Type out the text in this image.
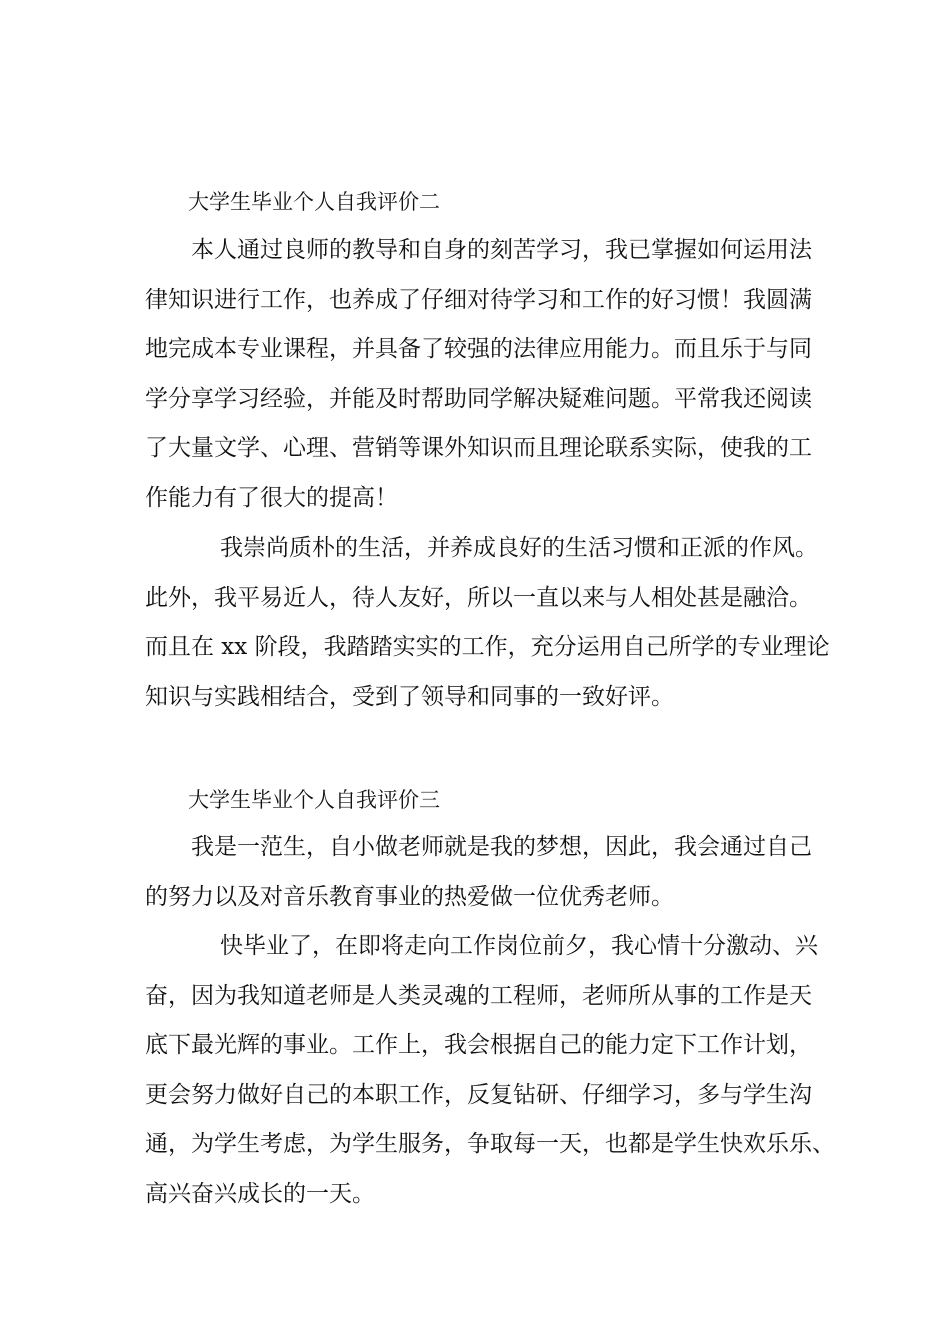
大学生毕业个人自我评价二
本人通过良师的教导和自身的刻苦学习，我已掌握如何运用法
律知识进行工作，也养成了仔细对待学习和工作的好习惯！我圆满
地完成本专业课程，并具备了较强的法律应用能力。而且乐于与同
学分享学习经验，并能及时帮助同学解决疑难问题。平常我还阅读
了大量文学、心理、营销等课外知识而且理论联系实际，使我的工
作能力有了很大的提高！
我崇尚质朴的生活，并养成良好的生活习惯和正派的作风。
此外，我平易近人，待人友好，所以一直以来与人相处甚是融洽。
而且在 xx 阶段，我踏踏实实的工作，充分运用自己所学的专业理论
知识与实践相结合，受到了领导和同事的一致好评。
大学生毕业个人自我评价三
我是一范生，自小做老师就是我的梦想，因此，我会通过自己
的努力以及对音乐教育事业的热爱做一位优秀老师。
快毕业了，在即将走向工作岗位前夕，我心情十分激动、兴
奋，因为我知道老师是人类灵魂的工程师，老师所从事的工作是天
底下最光辉的事业。工作上，我会根据自己的能力定下工作计划，
更会努力做好自己的本职工作，反复钻研、仔细学习，多与学生沟
通，为学生考虑，为学生服务，争取每一天，也都是学生快欢乐乐、
高兴奋兴成长的一天。
